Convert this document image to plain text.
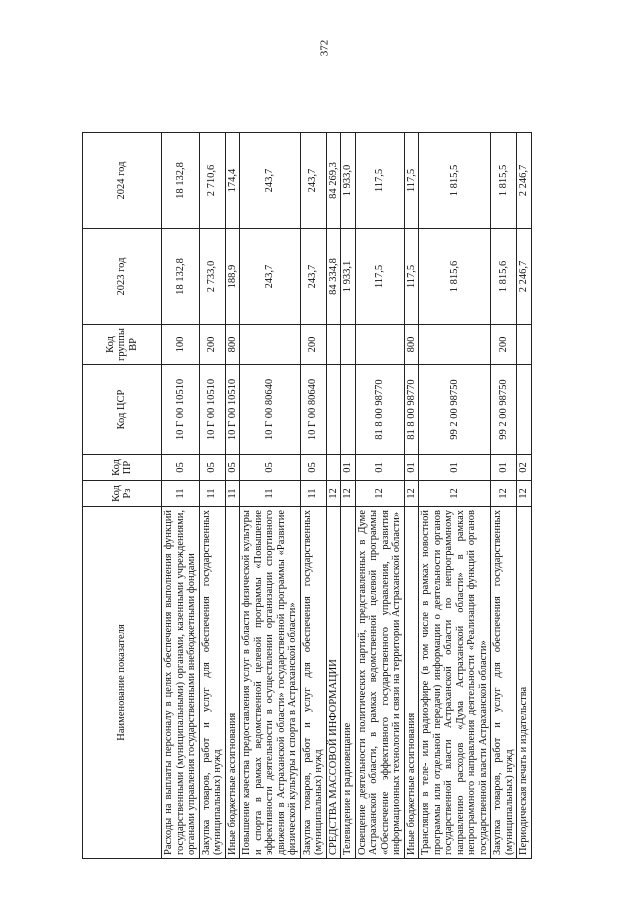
372
Наименование показателя	Код Рз	Код ПР	Код ЦСР	Код группы ВР	2023 год	2024 год
Расходы на выплаты персоналу в целях обеспечения выполнения функций государственными (муниципальными) органами, казенными учреждениями, органами управления государственными внебюджетными фондами	11	05	10 Г 00 10510	100	18 132,8	18 132,8
Закупка товаров, работ и услуг для обеспечения государственных (муниципальных) нужд	11	05	10 Г 00 10510	200	2 733,0	2 710,6
Иные бюджетные ассигнования	11	05	10 Г 00 10510	800	188,9	174,4
Повышение качества предоставления услуг в области физической культуры и спорта в рамках ведомственной целевой программы «Повышение эффективности деятельности в осуществлении организации спортивного движения в Астраханской области» государственной программы «Развитие физической культуры и спорта в Астраханской области»	11	05	10 Г 00 80640		243,7	243,7
Закупка товаров, работ и услуг для обеспечения государственных (муниципальных) нужд	11	05	10 Г 00 80640	200	243,7	243,7
СРЕДСТВА МАССОВОЙ ИНФОРМАЦИИ	12				84 334,8	84 269,3
Телевидение и радиовещание	12	01			1 933,1	1 933,0
Освещение деятельности политических партий, представленных в Думе Астраханской области, в рамках ведомственной целевой программы «Обеспечение эффективного государственного управления, развития информационных технологий и связи на территории Астраханской области»	12	01	81 8 00 98770		117,5	117,5
Иные бюджетные ассигнования	12	01	81 8 00 98770	800	117,5	117,5
Трансляция в теле- или радиоэфире (в том числе в рамках новостной программы или отдельной передачи) информации о деятельности органов государственной власти Астраханской области по непрограммному направлению расходов «Дума Астраханской области» в рамках непрограммного направления деятельности «Реализация функций органов государственной власти Астраханской области»	12	01	99 2 00 98750		1 815,6	1 815,5
Закупка товаров, работ и услуг для обеспечения государственных (муниципальных) нужд	12	01	99 2 00 98750	200	1 815,6	1 815,5
Периодическая печать и издательства	12	02			2 246,7	2 246,7
